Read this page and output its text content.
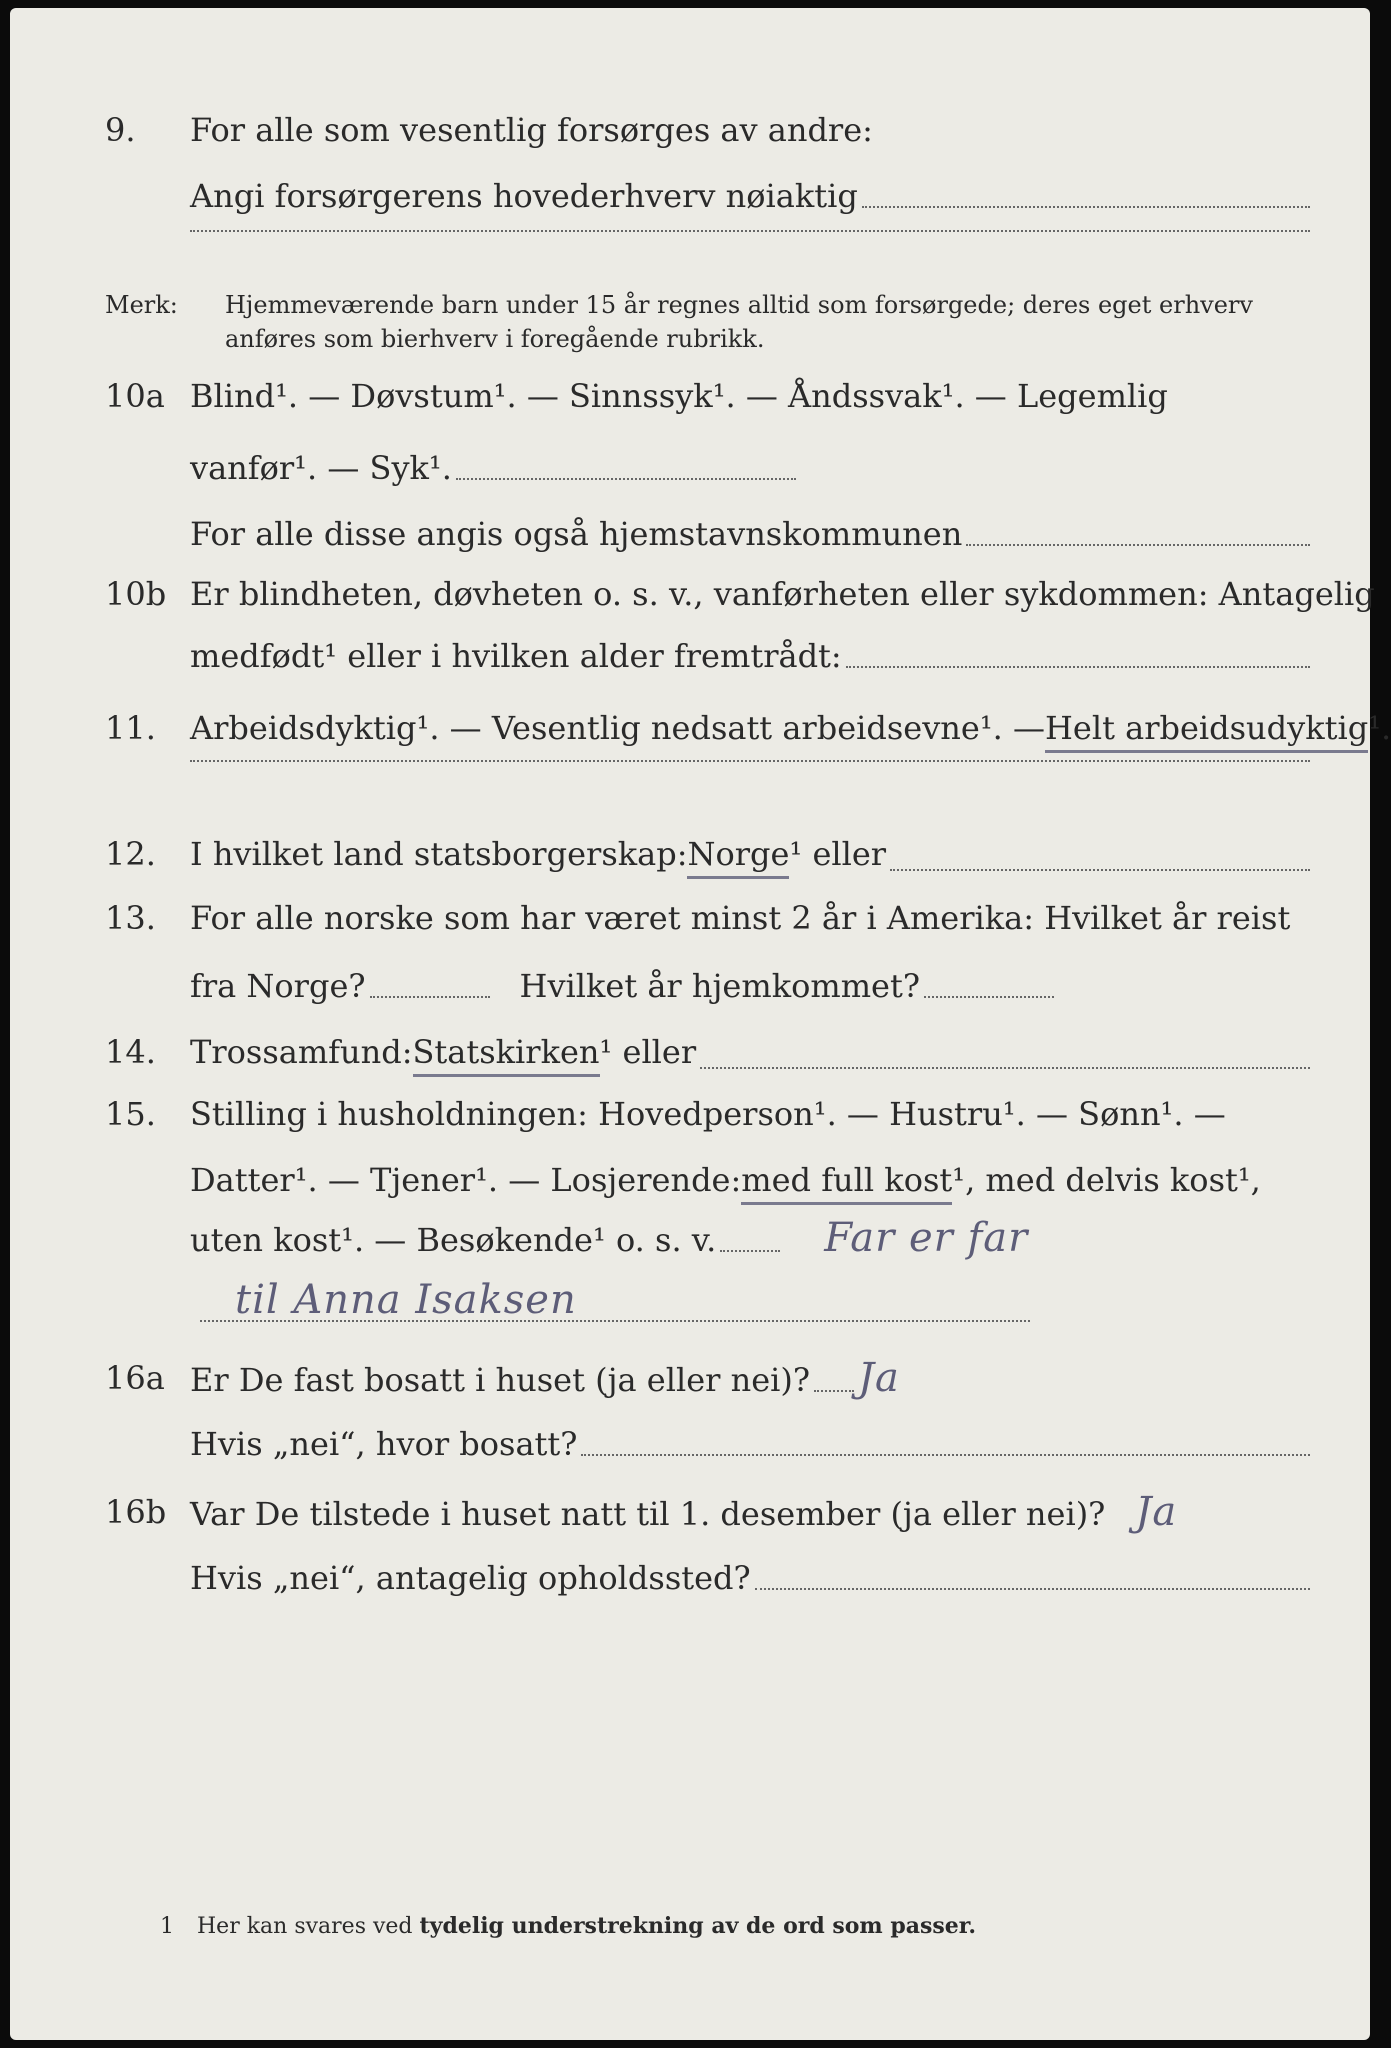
9.	For alle som vesentlig forsørges av andre:
Angi forsørgerens hovederhverv nøiaktig
Merk: Hjemmeværende barn under 15 år regnes alltid som forsørgede; deres eget erhverv
anføres som bierhverv i foregående rubrikk.
10a Blind¹. — Døvstum¹. — Sinnssyk¹. — Åndssvak¹. — Legemlig
vanfør¹. — Syk¹.
For alle disse angis også hjemstavnskommunen
10b Er blindheten, døvheten o. s. v., vanførheten eller sykdommen: Antagelig
medfødt¹ eller i hvilken alder fremtrådt:
11.	Arbeidsdyktig¹. — Vesentlig nedsatt arbeidsevne¹. — Helt arbeidsudyktig ¹.
12.	I hvilket land statsborgerskap: Norge ¹ eller
13.	For alle norske som har været minst 2 år i Amerika: Hvilket år reist
fra Norge?	Hvilket år hjemkommet?
14.	Trossamfund: Statskirken ¹ eller
15.	Stilling i husholdningen: Hovedperson¹. — Hustru¹. — Sønn¹. —
Datter¹. — Tjener¹. — Losjerende: med full kost ¹, med delvis kost¹,
uten kost¹. — Besøkende¹ o. s. v.	Far er far
til Anna Isaksen
16a Er De fast bosatt i huset (ja eller nei)? Ja
Hvis „nei“, hvor bosatt?
16b Var De tilstede i huset natt til 1. desember (ja eller nei)? Ja
Hvis „nei“, antagelig opholdssted?
1 Her kan svares ved tydelig understrekning av de ord som passer.
